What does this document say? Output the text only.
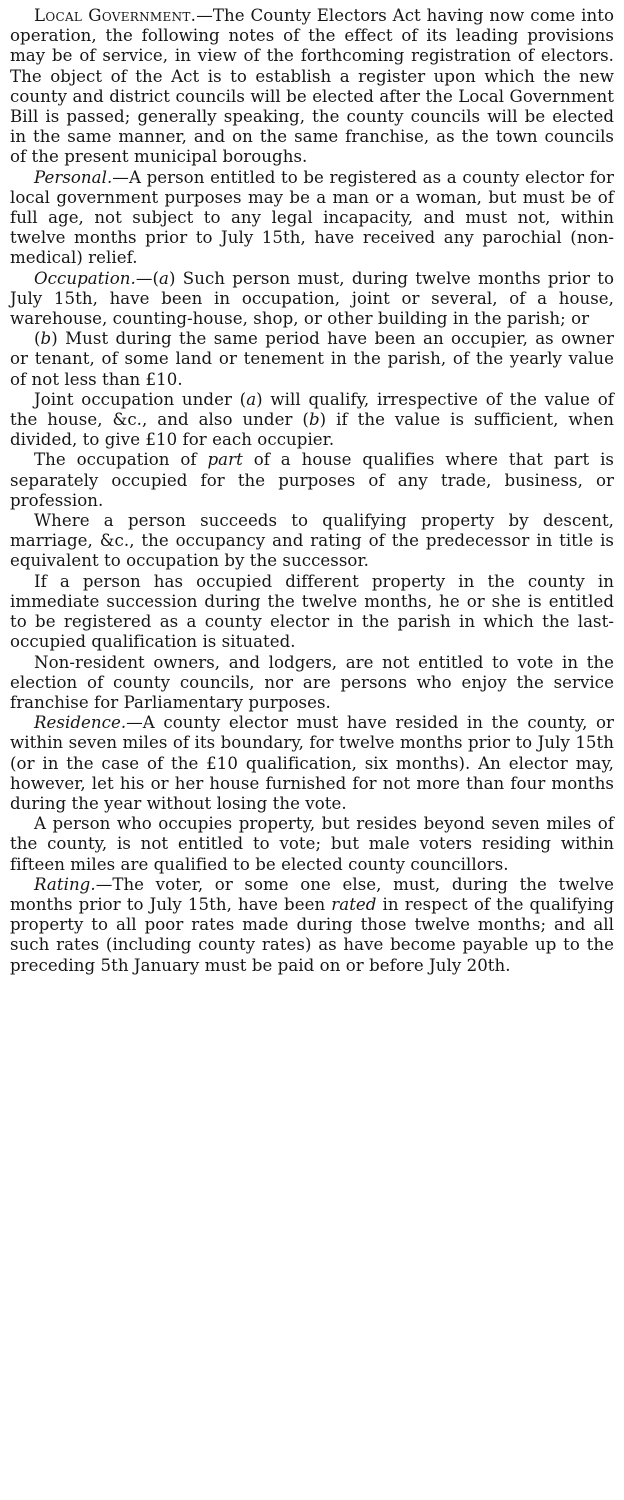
Local Government.—The County Electors Act having now come into operation, the following notes of the effect of its leading provisions may be of service, in view of the forthcoming registration of electors. The object of the Act is to establish a register upon which the new county and district councils will be elected after the Local Government Bill is passed; generally speaking, the county councils will be elected in the same manner, and on the same franchise, as the town councils of the present municipal boroughs.

Personal.—A person entitled to be registered as a county elector for local government purposes may be a man or a woman, but must be of full age, not subject to any legal incapacity, and must not, within twelve months prior to July 15th, have received any parochial (non-medical) relief.

Occupation.—(a) Such person must, during twelve months prior to July 15th, have been in occupation, joint or several, of a house, warehouse, counting-house, shop, or other building in the parish; or

(b) Must during the same period have been an occupier, as owner or tenant, of some land or tenement in the parish, of the yearly value of not less than £10.

Joint occupation under (a) will qualify, irrespective of the value of the house, &c., and also under (b) if the value is sufficient, when divided, to give £10 for each occupier.

The occupation of part of a house qualifies where that part is separately occupied for the purposes of any trade, business, or profession.

Where a person succeeds to qualifying property by descent, marriage, &c., the occupancy and rating of the predecessor in title is equivalent to occupation by the successor.

If a person has occupied different property in the county in immediate succession during the twelve months, he or she is entitled to be registered as a county elector in the parish in which the last-occupied qualification is situated.

Non-resident owners, and lodgers, are not entitled to vote in the election of county councils, nor are persons who enjoy the service franchise for Parliamentary purposes.

Residence.—A county elector must have resided in the county, or within seven miles of its boundary, for twelve months prior to July 15th (or in the case of the £10 qualification, six months). An elector may, however, let his or her house furnished for not more than four months during the year without losing the vote.

A person who occupies property, but resides beyond seven miles of the county, is not entitled to vote; but male voters residing within fifteen miles are qualified to be elected county councillors.

Rating.—The voter, or some one else, must, during the twelve months prior to July 15th, have been rated in respect of the qualifying property to all poor rates made during those twelve months; and all such rates (including county rates) as have become payable up to the preceding 5th January must be paid on or before July 20th.
